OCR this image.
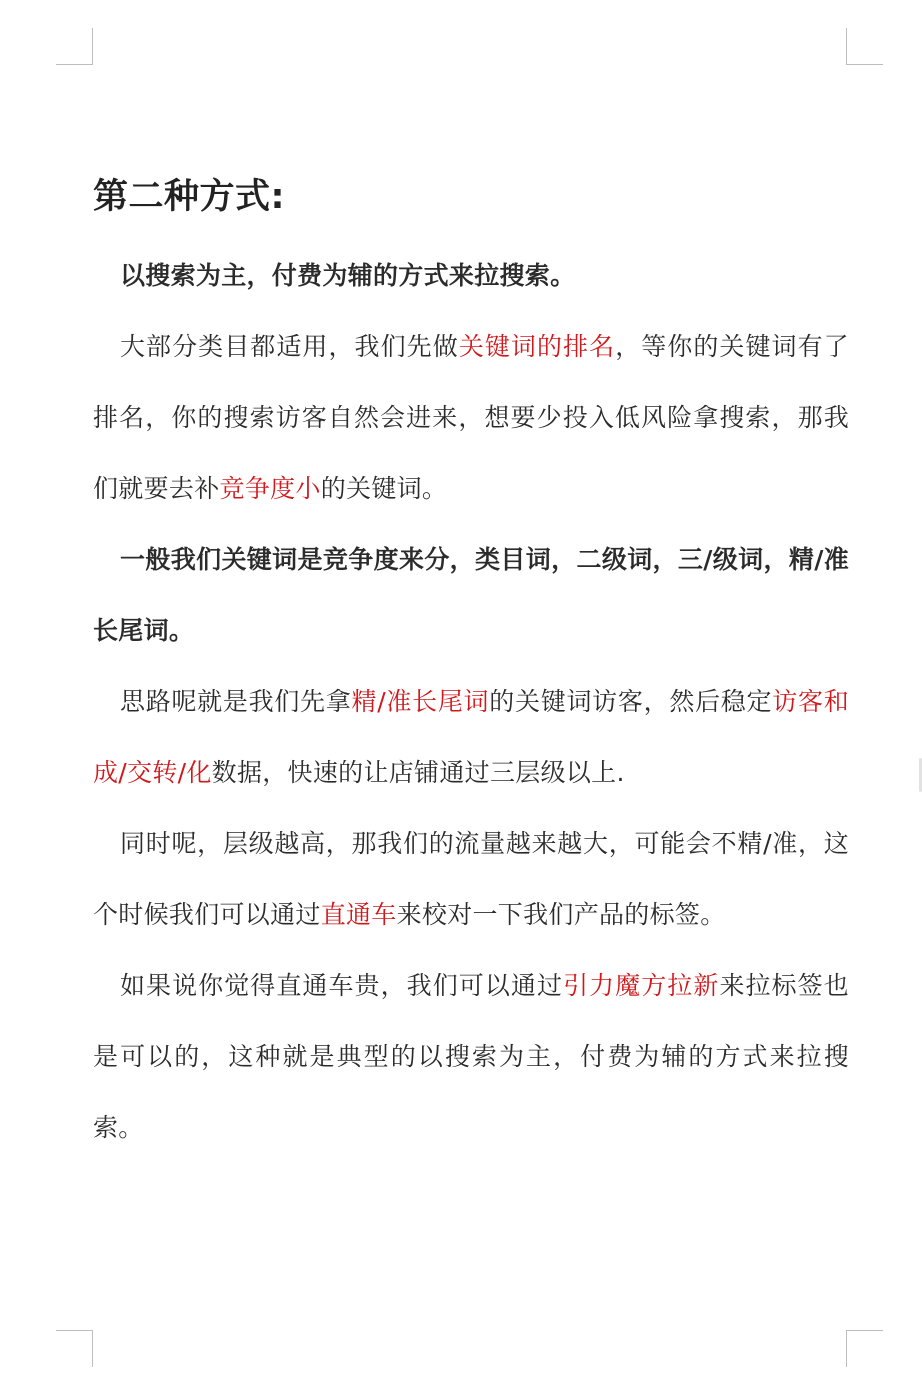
第二种方式:

以搜索为主，付费为辅的方式来拉搜索。

大部分类目都适用，我们先做关键词的排名，等你的关键词有了排名，你的搜索访客自然会进来，想要少投入低风险拿搜索，那我们就要去补竞争度小的关键词。

一般我们关键词是竞争度来分，类目词，二级词，三/级词，精/准长尾词。

思路呢就是我们先拿精/准长尾词的关键词访客，然后稳定访客和成/交转/化数据，快速的让店铺通过三层级以上.

同时呢，层级越高，那我们的流量越来越大，可能会不精/准，这个时候我们可以通过直通车来校对一下我们产品的标签。

如果说你觉得直通车贵，我们可以通过引力魔方拉新来拉标签也是可以的，这种就是典型的以搜索为主，付费为辅的方式来拉搜索。
